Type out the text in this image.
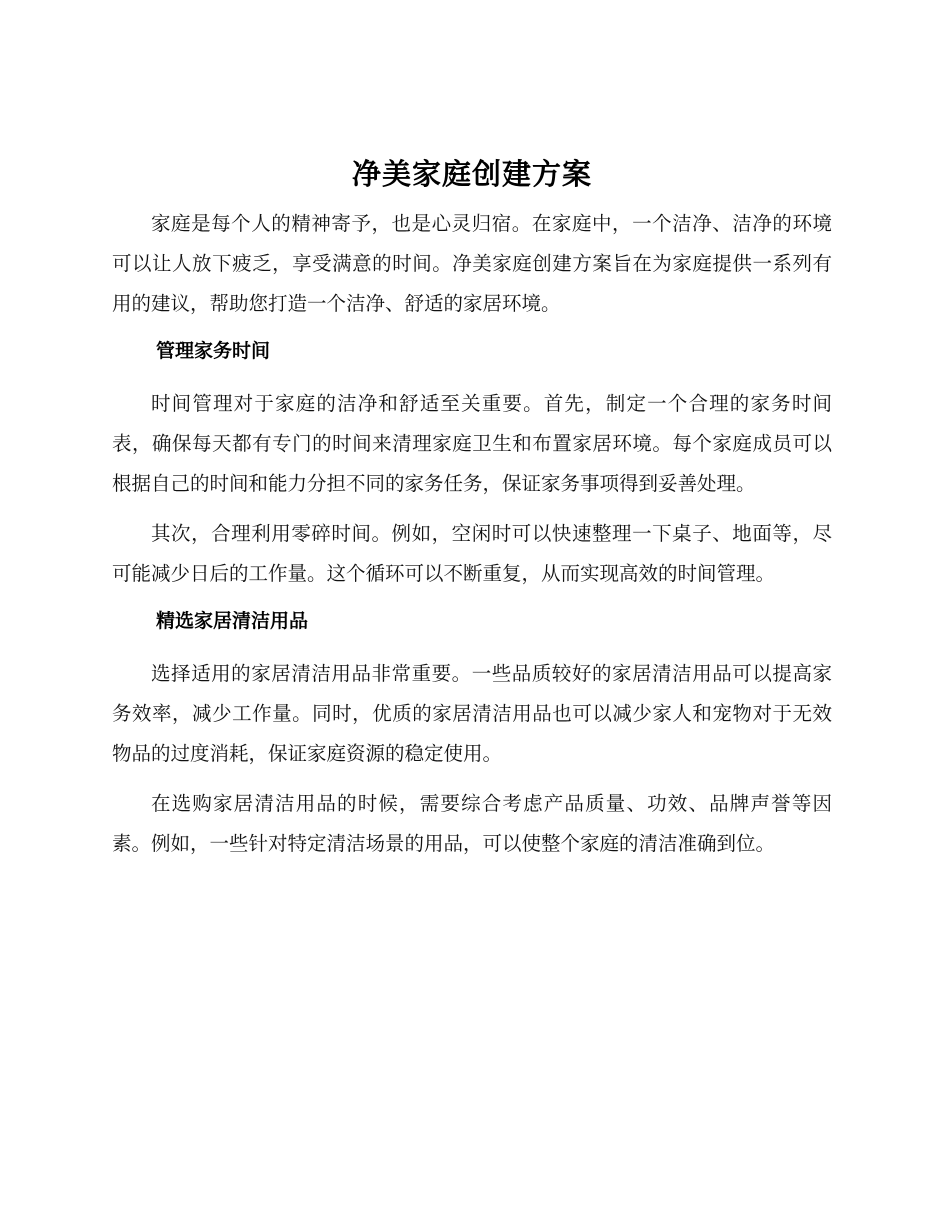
净美家庭创建方案

家庭是每个人的精神寄予，也是心灵归宿。在家庭中，一个洁净、洁净的环境可以让人放下疲乏，享受满意的时间。净美家庭创建方案旨在为家庭提供一系列有用的建议，帮助您打造一个洁净、舒适的家居环境。

管理家务时间

时间管理对于家庭的洁净和舒适至关重要。首先，制定一个合理的家务时间表，确保每天都有专门的时间来清理家庭卫生和布置家居环境。每个家庭成员可以根据自己的时间和能力分担不同的家务任务，保证家务事项得到妥善处理。

其次，合理利用零碎时间。例如，空闲时可以快速整理一下桌子、地面等，尽可能减少日后的工作量。这个循环可以不断重复，从而实现高效的时间管理。

精选家居清洁用品

选择适用的家居清洁用品非常重要。一些品质较好的家居清洁用品可以提高家务效率，减少工作量。同时，优质的家居清洁用品也可以减少家人和宠物对于无效物品的过度消耗，保证家庭资源的稳定使用。

在选购家居清洁用品的时候，需要综合考虑产品质量、功效、品牌声誉等因素。例如，一些针对特定清洁场景的用品，可以使整个家庭的清洁准确到位。
